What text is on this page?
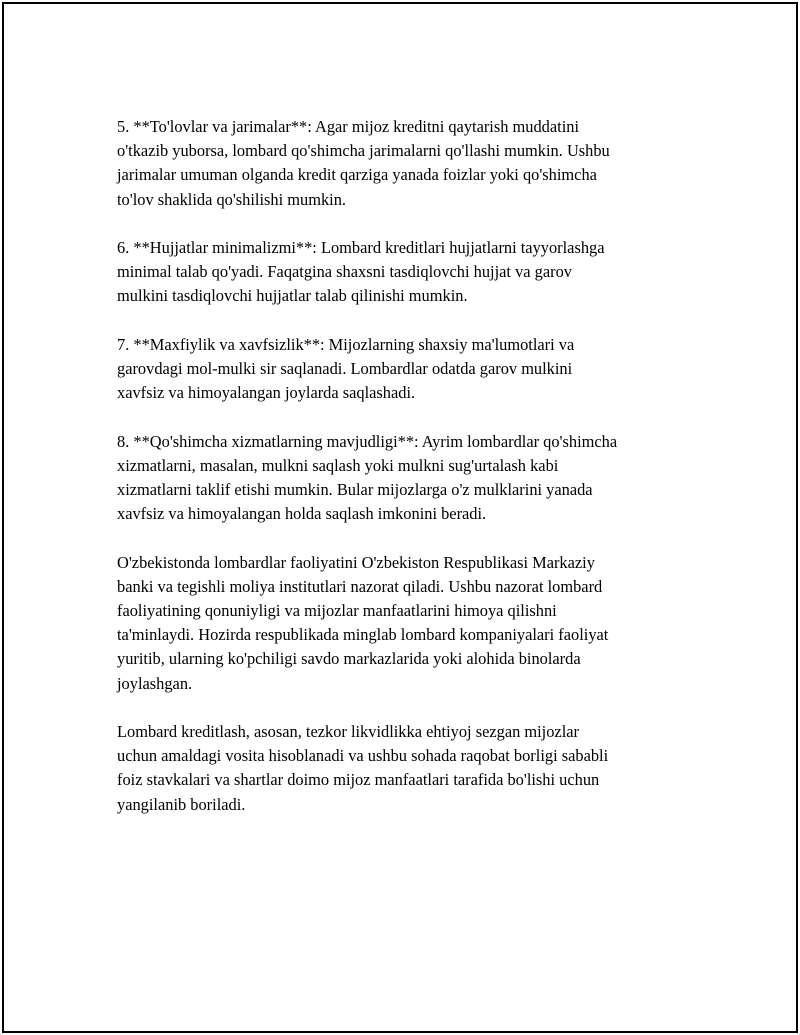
5. **To'lovlar va jarimalar**: Agar mijoz kreditni qaytarish muddatini
o'tkazib yuborsa, lombard qo'shimcha jarimalarni qo'llashi mumkin. Ushbu
jarimalar umuman olganda kredit qarziga yanada foizlar yoki qo'shimcha
to'lov shaklida qo'shilishi mumkin.

6. **Hujjatlar minimalizmi**: Lombard kreditlari hujjatlarni tayyorlashga
minimal talab qo'yadi. Faqatgina shaxsni tasdiqlovchi hujjat va garov
mulkini tasdiqlovchi hujjatlar talab qilinishi mumkin.

7. **Maxfiylik va xavfsizlik**: Mijozlarning shaxsiy ma'lumotlari va
garovdagi mol-mulki sir saqlanadi. Lombardlar odatda garov mulkini
xavfsiz va himoyalangan joylarda saqlashadi.

8. **Qo'shimcha xizmatlarning mavjudligi**: Ayrim lombardlar qo'shimcha
xizmatlarni, masalan, mulkni saqlash yoki mulkni sug'urtalash kabi
xizmatlarni taklif etishi mumkin. Bular mijozlarga o'z mulklarini yanada
xavfsiz va himoyalangan holda saqlash imkonini beradi.

O'zbekistonda lombardlar faoliyatini O'zbekiston Respublikasi Markaziy
banki va tegishli moliya institutlari nazorat qiladi. Ushbu nazorat lombard
faoliyatining qonuniyligi va mijozlar manfaatlarini himoya qilishni
ta'minlaydi. Hozirda respublikada minglab lombard kompaniyalari faoliyat
yuritib, ularning ko'pchiligi savdo markazlarida yoki alohida binolarda
joylashgan.

Lombard kreditlash, asosan, tezkor likvidlikka ehtiyoj sezgan mijozlar
uchun amaldagi vosita hisoblanadi va ushbu sohada raqobat borligi sababli
foiz stavkalari va shartlar doimo mijoz manfaatlari tarafida bo'lishi uchun
yangilanib boriladi.
